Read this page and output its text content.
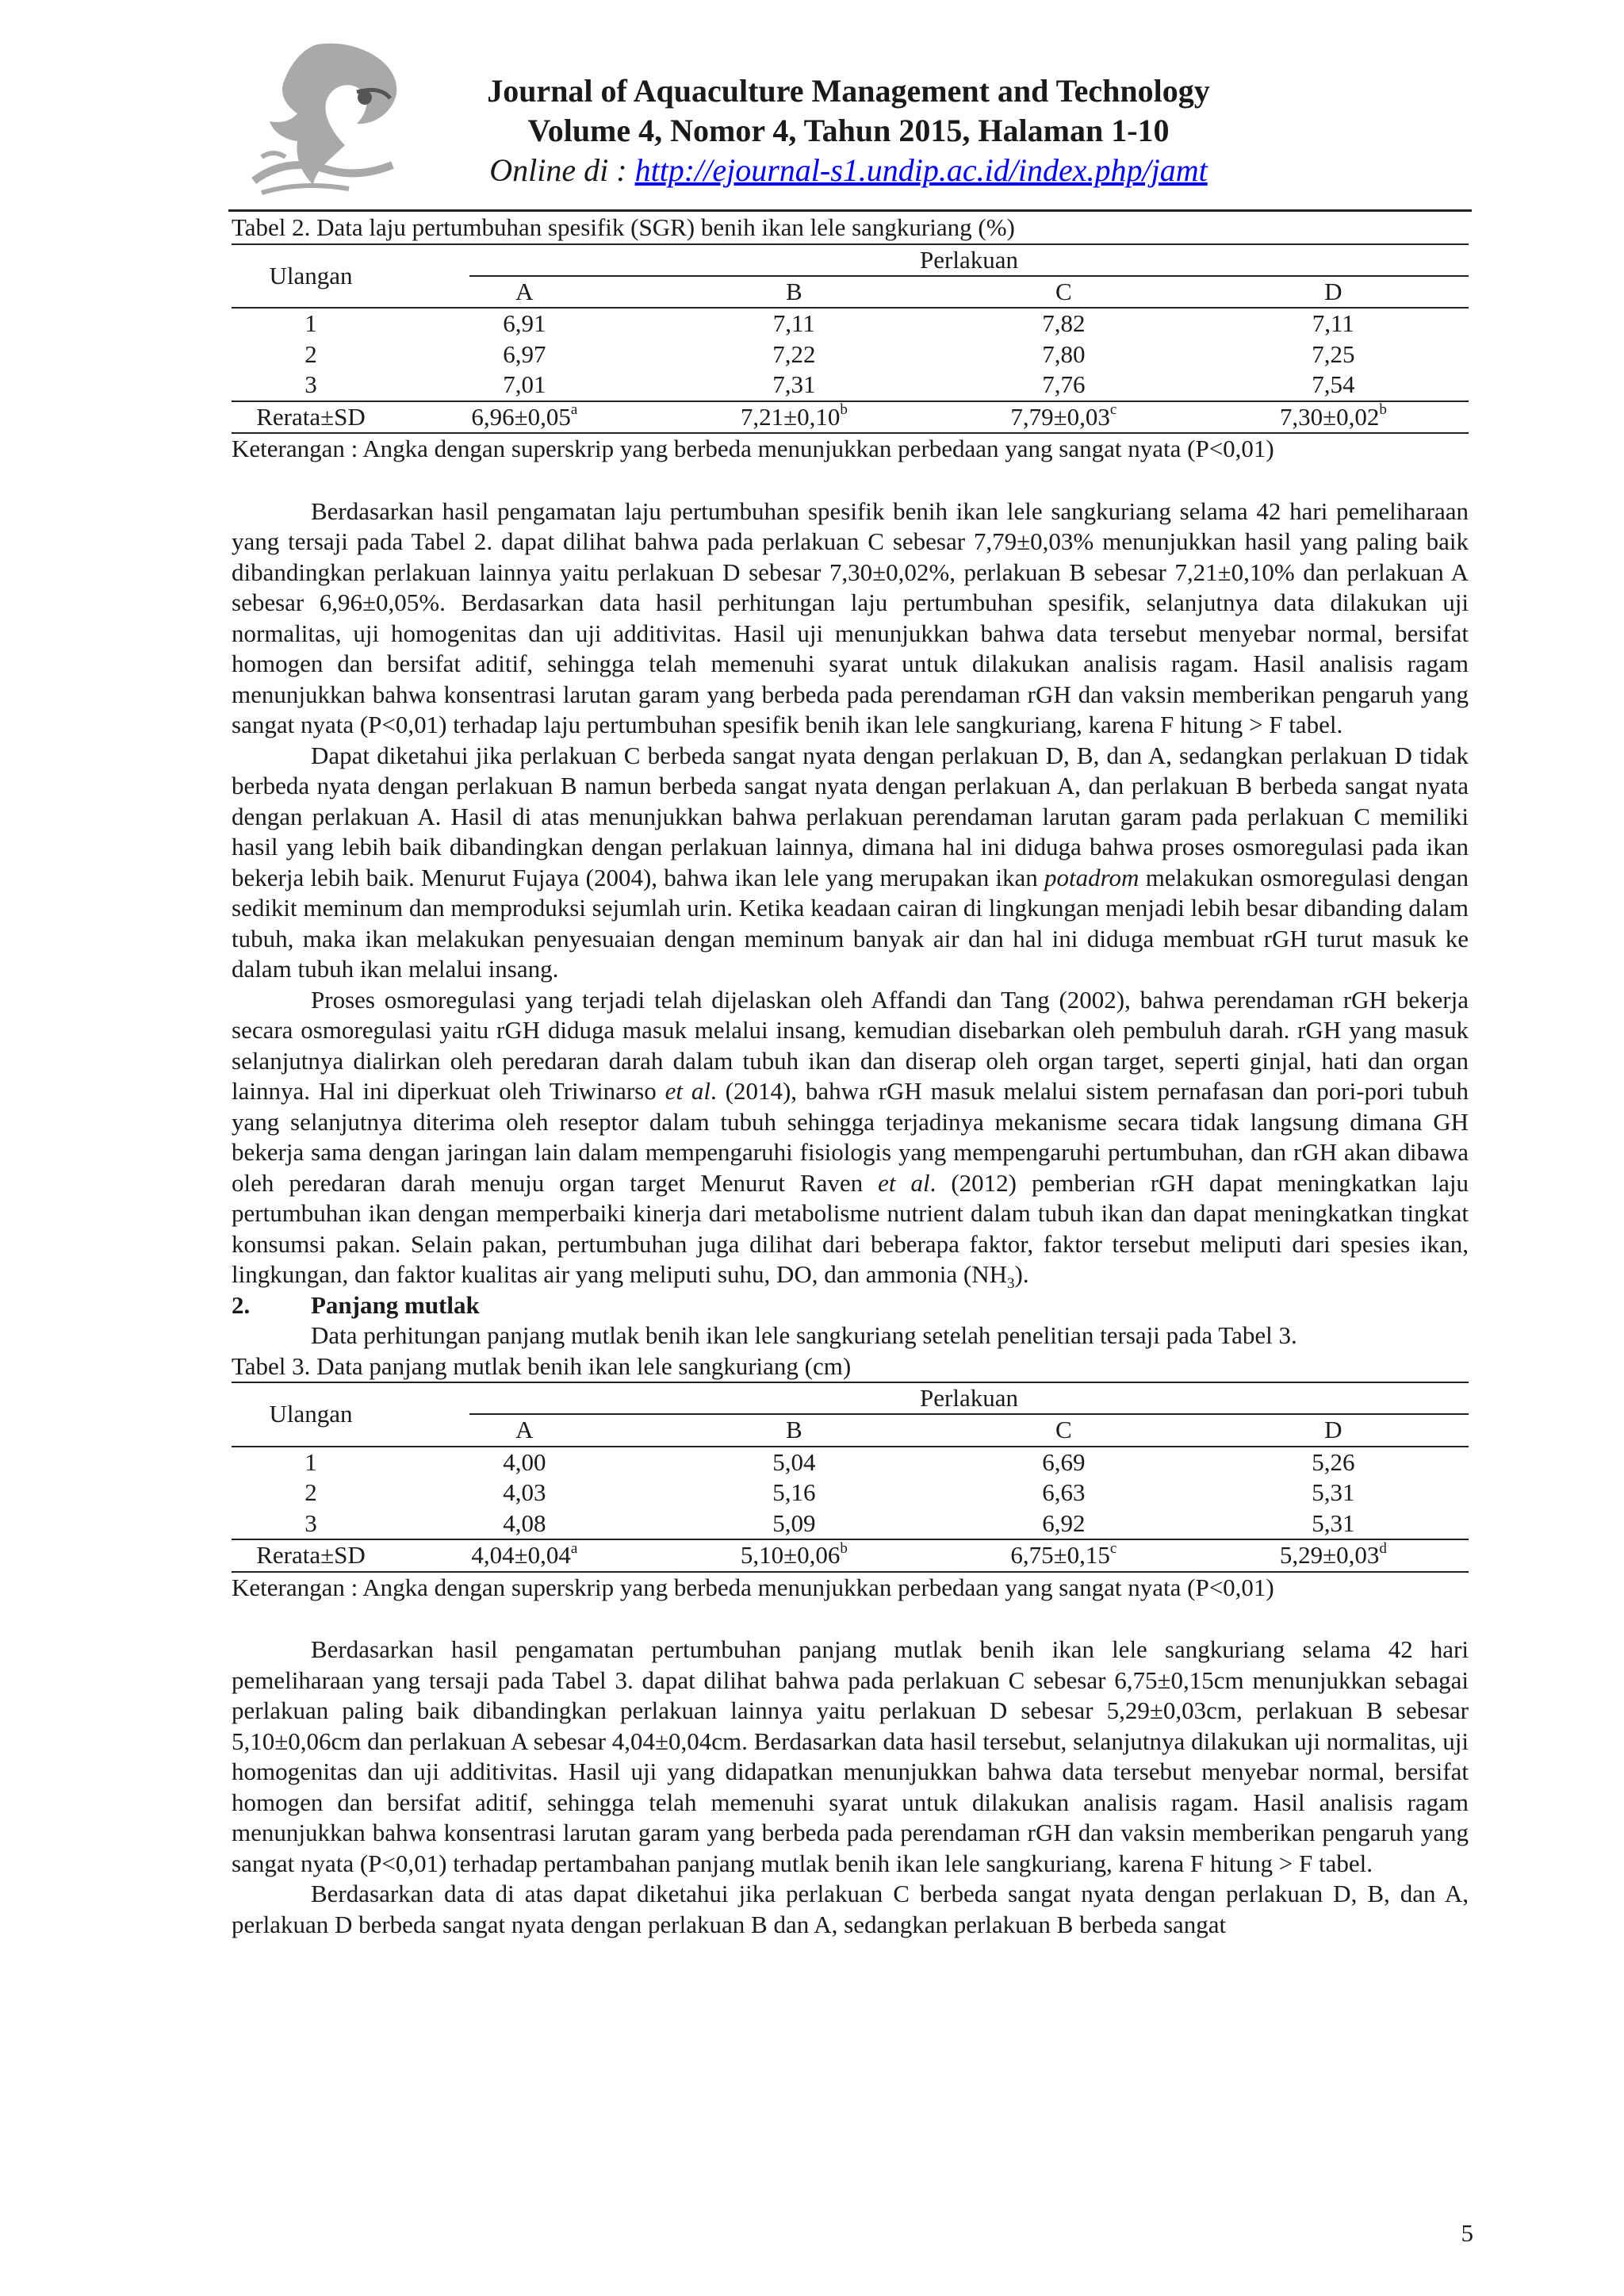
Journal of Aquaculture Management and Technology
Volume 4, Nomor 4, Tahun 2015, Halaman 1-10
Online di : http://ejournal-s1.undip.ac.id/index.php/jamt

Tabel 2. Data laju pertumbuhan spesifik (SGR) benih ikan lele sangkuriang (%)

Ulangan	Perlakuan			

	A	B	C	D
1	6,91	7,11	7,82	7,11
2	6,97	7,22	7,80	7,25
3	7,01	7,31	7,76	7,54
Rerata±SD	6,96±0,05$^a$	7,21±0,10$^b$	7,79±0,03$^c$	7,30±0,02$^b$

Keterangan : Angka dengan superskrip yang berbeda menunjukkan perbedaan yang sangat nyata (P<0,01)

Berdasarkan hasil pengamatan laju pertumbuhan spesifik benih ikan lele sangkuriang selama 42 hari pemeliharaan yang tersaji pada Tabel 2. dapat dilihat bahwa pada perlakuan C sebesar 7,79±0,03% menunjukkan hasil yang paling baik dibandingkan perlakuan lainnya yaitu perlakuan D sebesar 7,30±0,02%, perlakuan B sebesar 7,21±0,10% dan perlakuan A sebesar 6,96±0,05%. Berdasarkan data hasil perhitungan laju pertumbuhan spesifik, selanjutnya data dilakukan uji normalitas, uji homogenitas dan uji additivitas. Hasil uji menunjukkan bahwa data tersebut menyebar normal, bersifat homogen dan bersifat aditif, sehingga telah memenuhi syarat untuk dilakukan analisis ragam. Hasil analisis ragam menunjukkan bahwa konsentrasi larutan garam yang berbeda pada perendaman rGH dan vaksin memberikan pengaruh yang sangat nyata (P<0,01) terhadap laju pertumbuhan spesifik benih ikan lele sangkuriang, karena F hitung > F tabel.

Dapat diketahui jika perlakuan C berbeda sangat nyata dengan perlakuan D, B, dan A, sedangkan perlakuan D tidak berbeda nyata dengan perlakuan B namun berbeda sangat nyata dengan perlakuan A, dan perlakuan B berbeda sangat nyata dengan perlakuan A. Hasil di atas menunjukkan bahwa perlakuan perendaman larutan garam pada perlakuan C memiliki hasil yang lebih baik dibandingkan dengan perlakuan lainnya, dimana hal ini diduga bahwa proses osmoregulasi pada ikan bekerja lebih baik. Menurut Fujaya (2004), bahwa ikan lele yang merupakan ikan potadrom melakukan osmoregulasi dengan sedikit meminum dan memproduksi sejumlah urin. Ketika keadaan cairan di lingkungan menjadi lebih besar dibanding dalam tubuh, maka ikan melakukan penyesuaian dengan meminum banyak air dan hal ini diduga membuat rGH turut masuk ke dalam tubuh ikan melalui insang.

Proses osmoregulasi yang terjadi telah dijelaskan oleh Affandi dan Tang (2002), bahwa perendaman rGH bekerja secara osmoregulasi yaitu rGH diduga masuk melalui insang, kemudian disebarkan oleh pembuluh darah. rGH yang masuk selanjutnya dialirkan oleh peredaran darah dalam tubuh ikan dan diserap oleh organ target, seperti ginjal, hati dan organ lainnya. Hal ini diperkuat oleh Triwinarso et al. (2014), bahwa rGH masuk melalui sistem pernafasan dan pori-pori tubuh yang selanjutnya diterima oleh reseptor dalam tubuh sehingga terjadinya mekanisme secara tidak langsung dimana GH bekerja sama dengan jaringan lain dalam mempengaruhi fisiologis yang mempengaruhi pertumbuhan, dan rGH akan dibawa oleh peredaran darah menuju organ target Menurut Raven et al. (2012) pemberian rGH dapat meningkatkan laju pertumbuhan ikan dengan memperbaiki kinerja dari metabolisme nutrient dalam tubuh ikan dan dapat meningkatkan tingkat konsumsi pakan. Selain pakan, pertumbuhan juga dilihat dari beberapa faktor, faktor tersebut meliputi dari spesies ikan, lingkungan, dan faktor kualitas air yang meliputi suhu, DO, dan ammonia $(NH_3)$.

2. Panjang mutlak

Data perhitungan panjang mutlak benih ikan lele sangkuriang setelah penelitian tersaji pada Tabel 3.

Tabel 3. Data panjang mutlak benih ikan lele sangkuriang (cm)

Ulangan	Perlakuan			

	A	B	C	D
1	4,00	5,04	6,69	5,26
2	4,03	5,16	6,63	5,31
3	4,08	5,09	6,92	5,31
Rerata±SD	4,04±0,04$^a$	5,10±0,06$^b$	6,75±0,15$^c$	5,29±0,03$^d$

Keterangan : Angka dengan superskrip yang berbeda menunjukkan perbedaan yang sangat nyata (P<0,01)

Berdasarkan hasil pengamatan pertumbuhan panjang mutlak benih ikan lele sangkuriang selama 42 hari pemeliharaan yang tersaji pada Tabel 3. dapat dilihat bahwa pada perlakuan C sebesar 6,75±0,15cm menunjukkan sebagai perlakuan paling baik dibandingkan perlakuan lainnya yaitu perlakuan D sebesar 5,29±0,03cm, perlakuan B sebesar 5,10±0,06cm dan perlakuan A sebesar 4,04±0,04cm. Berdasarkan data hasil tersebut, selanjutnya dilakukan uji normalitas, uji homogenitas dan uji additivitas. Hasil uji yang didapatkan menunjukkan bahwa data tersebut menyebar normal, bersifat homogen dan bersifat aditif, sehingga telah memenuhi syarat untuk dilakukan analisis ragam. Hasil analisis ragam menunjukkan bahwa konsentrasi larutan garam yang berbeda pada perendaman rGH dan vaksin memberikan pengaruh yang sangat nyata (P<0,01) terhadap pertambahan panjang mutlak benih ikan lele sangkuriang, karena F hitung > F tabel.

Berdasarkan data di atas dapat diketahui jika perlakuan C berbeda sangat nyata dengan perlakuan D, B, dan A, perlakuan D berbeda sangat nyata dengan perlakuan B dan A, sedangkan perlakuan B berbeda sangat

5
